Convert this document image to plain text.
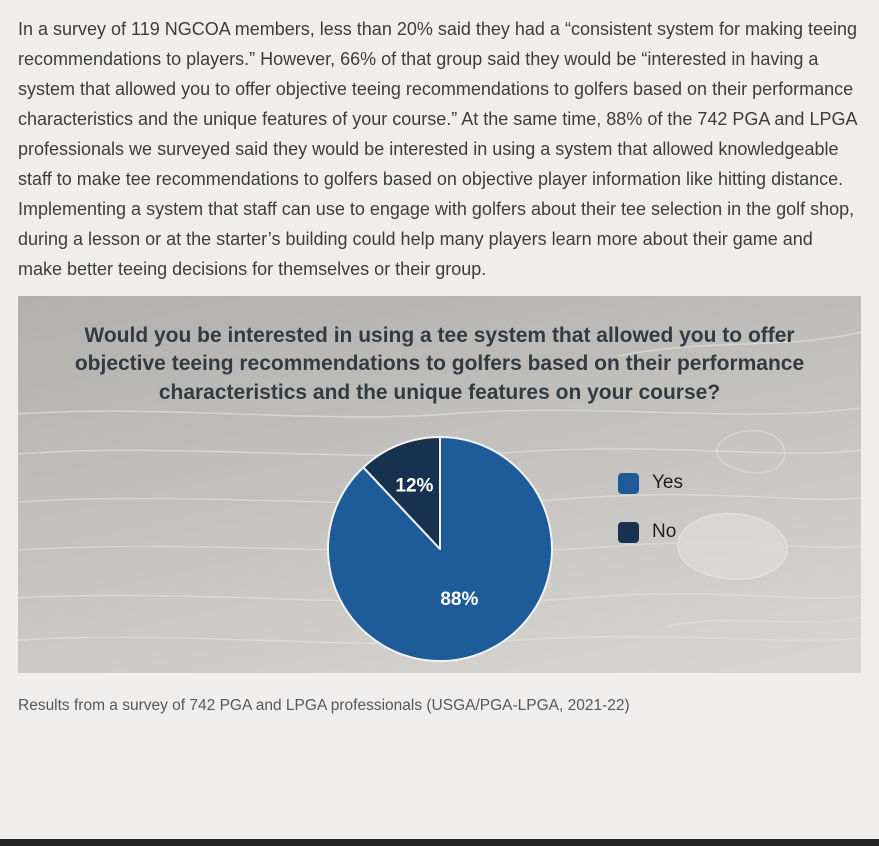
In a survey of 119 NGCOA members, less than 20% said they had a “consistent system for making teeing recommendations to players.” However, 66% of that group said they would be “interested in having a system that allowed you to offer objective teeing recommendations to golfers based on their performance characteristics and the unique features of your course.” At the same time, 88% of the 742 PGA and LPGA professionals we surveyed said they would be interested in using a system that allowed knowledgeable staff to make tee recommendations to golfers based on objective player information like hitting distance. Implementing a system that staff can use to engage with golfers about their tee selection in the golf shop, during a lesson or at the starter’s building could help many players learn more about their game and make better teeing decisions for themselves or their group.

Would you be interested in using a tee system that allowed you to offer objective teeing recommendations to golfers based on their performance characteristics and the unique features on your course?
88%
12%	Yes
No

Results from a survey of 742 PGA and LPGA professionals (USGA/PGA-LPGA, 2021-22)
